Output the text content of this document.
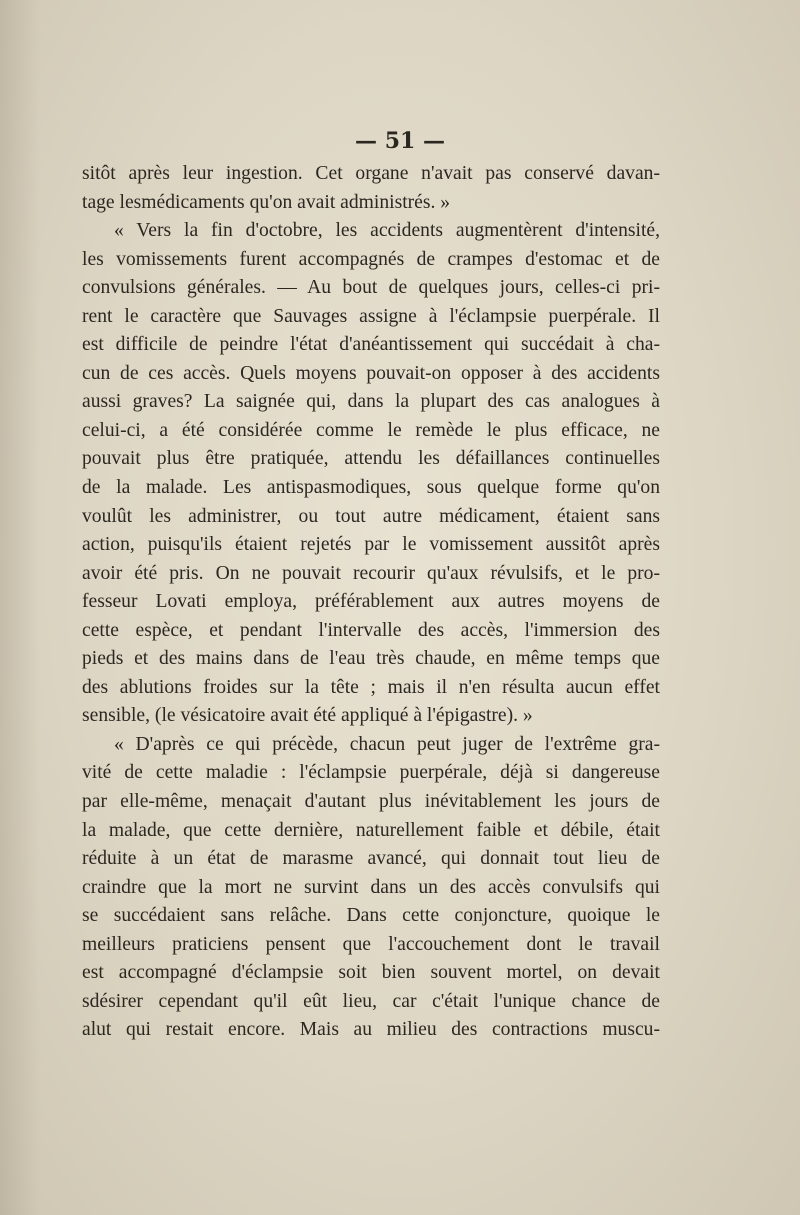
— 51 —
sitôt après leur ingestion. Cet organe n'avait pas conservé davan-
tage lesmédicaments qu'on avait administrés. »
« Vers la fin d'octobre, les accidents augmentèrent d'intensité,
les vomissements furent accompagnés de crampes d'estomac et de
convulsions générales. — Au bout de quelques jours, celles-ci pri-
rent le caractère que Sauvages assigne à l'éclampsie puerpérale. Il
est difficile de peindre l'état d'anéantissement qui succédait à cha-
cun de ces accès. Quels moyens pouvait-on opposer à des accidents
aussi graves? La saignée qui, dans la plupart des cas analogues à
celui-ci, a été considérée comme le remède le plus efficace, ne
pouvait plus être pratiquée, attendu les défaillances continuelles
de la malade. Les antispasmodiques, sous quelque forme qu'on
voulût les administrer, ou tout autre médicament, étaient sans
action, puisqu'ils étaient rejetés par le vomissement aussitôt après
avoir été pris. On ne pouvait recourir qu'aux révulsifs, et le pro-
fesseur Lovati employa, préférablement aux autres moyens de
cette espèce, et pendant l'intervalle des accès, l'immersion des
pieds et des mains dans de l'eau très chaude, en même temps que
des ablutions froides sur la tête ; mais il n'en résulta aucun effet
sensible, (le vésicatoire avait été appliqué à l'épigastre). »
« D'après ce qui précède, chacun peut juger de l'extrême gra-
vité de cette maladie : l'éclampsie puerpérale, déjà si dangereuse
par elle-même, menaçait d'autant plus inévitablement les jours de
la malade, que cette dernière, naturellement faible et débile, était
réduite à un état de marasme avancé, qui donnait tout lieu de
craindre que la mort ne survint dans un des accès convulsifs qui
se succédaient sans relâche. Dans cette conjoncture, quoique le
meilleurs praticiens pensent que l'accouchement dont le travail
est accompagné d'éclampsie soit bien souvent mortel, on devait
sdésirer cependant qu'il eût lieu, car c'était l'unique chance de
alut qui restait encore. Mais au milieu des contractions muscu-
